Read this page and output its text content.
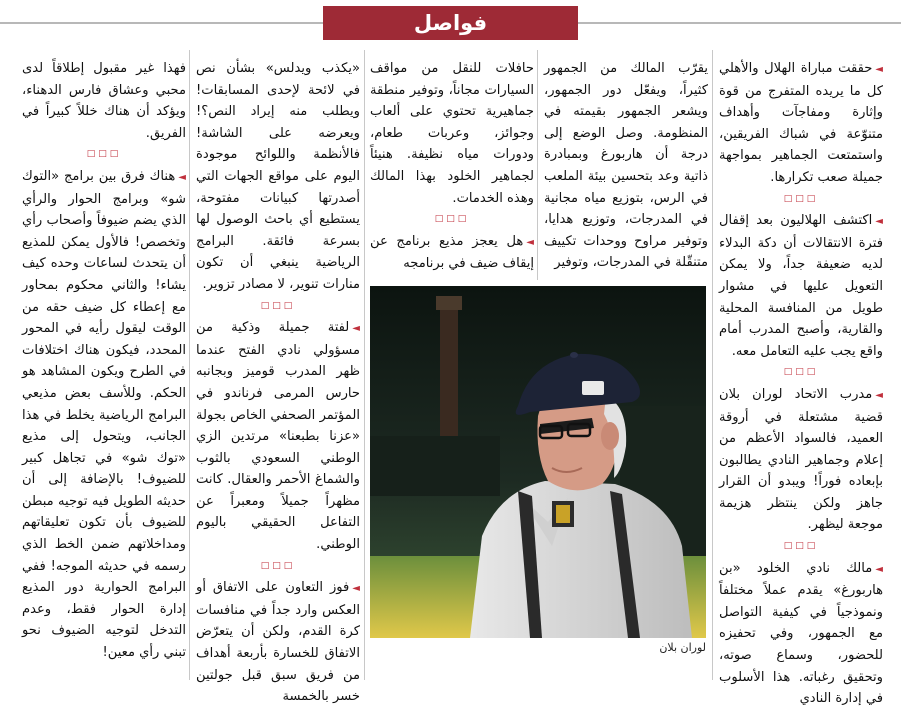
فواصل

◄حققت مباراة الهلال والأهلي كل ما يريده المتفرج من قوة وإثارة ومفاجآت وأهداف متنوّعة في شباك الفريقين، واستمتعت الجماهير بمواجهة جميلة صعب تكرارها.

□□□

◄اكتشف الهلاليون بعد إقفال فترة الانتقالات أن دكة البدلاء لديه ضعيفة جداً، ولا يمكن التعويل عليها في مشوار طويل من المنافسة المحلية والقارية، وأصبح المدرب أمام واقع يجب عليه التعامل معه.

□□□

◄مدرب الاتحاد لوران بلان قضية مشتعلة في أروقة العميد، فالسواد الأعظم من إعلام وجماهير النادي يطالبون بإبعاده فوراً! ويبدو أن القرار جاهز ولكن ينتظر هزيمة موجعة ليظهر.

□□□

◄مالك نادي الخلود «بن هاربورغ» يقدم عملاً مختلفاً ونموذجياً في كيفية التواصل مع الجمهور، وفي تحفيزه للحضور، وسماع صوته، وتحقيق رغباته. هذا الأسلوب في إدارة النادي

يقرّب المالك من الجمهور كثيراً، ويفعّل دور الجمهور، ويشعر الجمهور بقيمته في المنظومة. وصل الوضع إلى درجة أن هاربورغ وبمبادرة ذاتية وعد بتحسين بيئة الملعب في الرس، بتوزيع مياه مجانية في المدرجات، وتوزيع هدايا، وتوفير مراوح ووحدات تكييف متنقّلة في المدرجات، وتوفير

حافلات للنقل من مواقف السيارات مجاناً، وتوفير منطقة جماهيرية تحتوي على ألعاب وجوائز، وعربات طعام، ودورات مياه نظيفة. هنيئاً لجماهير الخلود بهذا المالك وهذه الخدمات.

□□□

◄هل يعجز مذيع برنامج عن إيقاف ضيف في برنامجه

«يكذب ويدلس» بشأن نص في لائحة لإحدى المسابقات! ويطلب منه إيراد النص؟! ويعرضه على الشاشة! فالأنظمة واللوائح موجودة اليوم على مواقع الجهات التي أصدرتها كبيانات مفتوحة، يستطيع أي باحث الوصول لها بسرعة فائقة. البرامج الرياضية ينبغي أن تكون منارات تنوير، لا مصادر تزوير.

□□□

◄لفتة جميلة وذكية من مسؤولي نادي الفتح عندما ظهر المدرب قوميز وبجانبه حارس المرمى فرناندو في المؤتمر الصحفي الخاص بجولة «عزنا بطبعنا» مرتدين الزي الوطني السعودي بالثوب والشماغ الأحمر والعقال. كانت مظهراً جميلاً ومعبراً عن التفاعل الحقيقي باليوم الوطني.

□□□

◄فوز التعاون على الاتفاق أو العكس وارد جداً في منافسات كرة القدم، ولكن أن يتعرّض الاتفاق للخسارة بأربعة أهداف من فريق سبق قبل جولتين خسر بالخمسة

فهذا غير مقبول إطلاقاً لدى محبي وعشاق فارس الدهناء، ويؤكد أن هناك خللاً كبيراً في الفريق.

□□□

◄هناك فرق بين برامج «التوك شو» وبرامج الحوار والرأي الذي يضم ضيوفاً وأصحاب رأي وتخصص! فالأول يمكن للمذيع أن يتحدث لساعات وحده كيف يشاء! والثاني محكوم بمحاور مع إعطاء كل ضيف حقه من الوقت ليقول رأيه في المحور المحدد، فيكون هناك اختلافات في الطرح ويكون المشاهد هو الحكم. وللأسف بعض مذيعي البرامج الرياضية يخلط في هذا الجانب، ويتحول إلى مذيع «توك شو» في تجاهل كبير للضيوف! بالإضافة إلى أن حديثه الطويل فيه توجيه مبطن للضيوف بأن تكون تعليقاتهم ومداخلاتهم ضمن الخط الذي رسمه في حديثه الموجه! ففي البرامج الحوارية دور المذيع إدارة الحوار فقط، وعدم التدخل لتوجيه الضيوف نحو تبني رأي معين!	لوران بلان
